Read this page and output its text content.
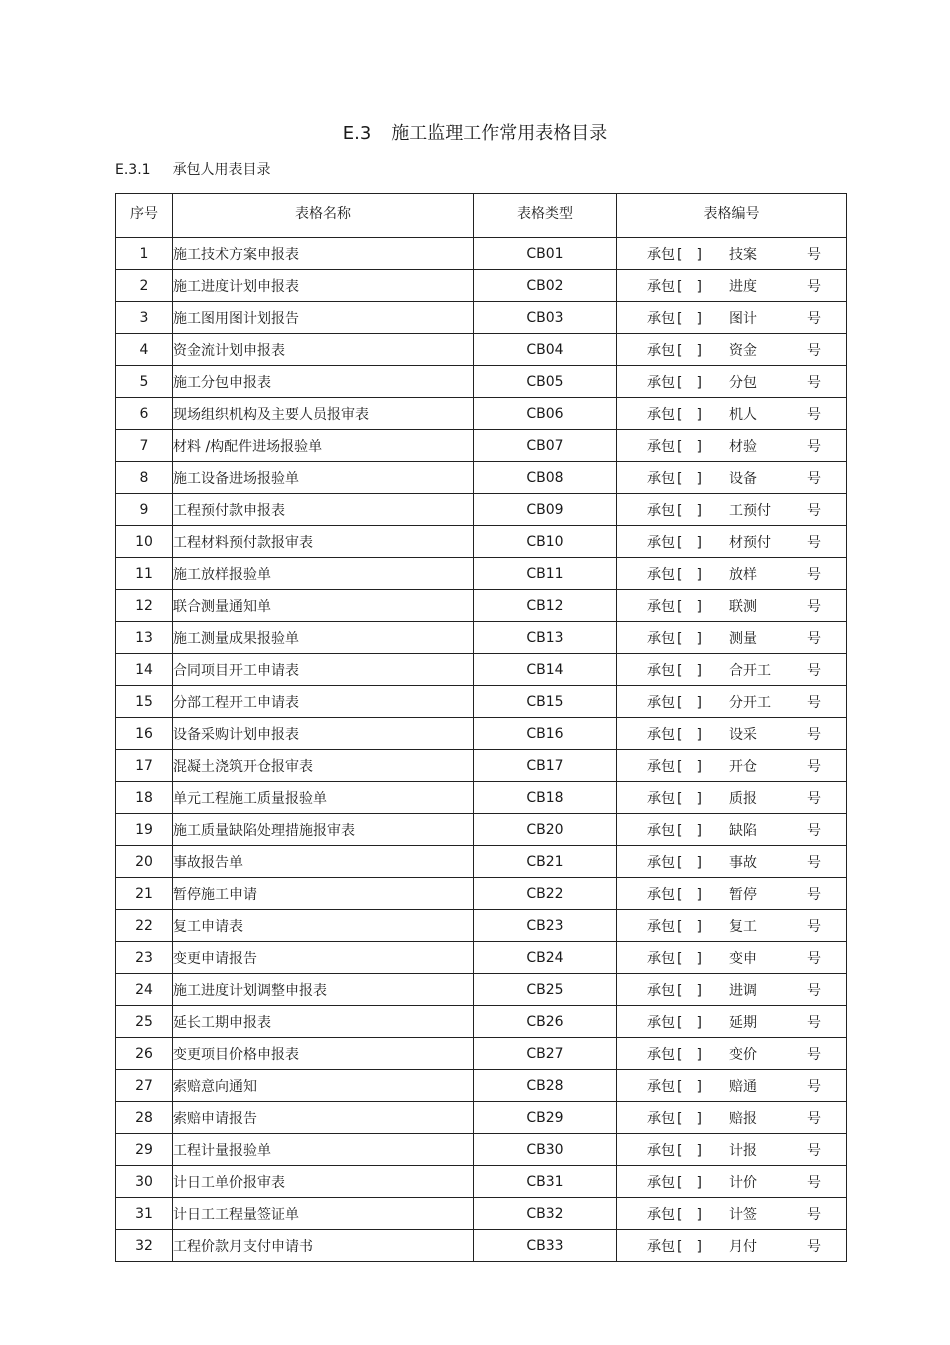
E.3 施工监理工作常用表格目录
E.3.1 承包人用表目录
序号	表格名称	表格类型	表格编号
1	施工技术方案申报表	CB01	承包 [ ] 技案 号

2	施工进度计划申报表	CB02	承包 [ ] 进度 号

3	施工图用图计划报告	CB03	承包 [ ] 图计 号

4	资金流计划申报表	CB04	承包 [ ] 资金 号

5	施工分包申报表	CB05	承包 [ ] 分包 号

6	现场组织机构及主要人员报审表	CB06	承包 [ ] 机人 号

7	材料 /构配件进场报验单	CB07	承包 [ ] 材验 号

8	施工设备进场报验单	CB08	承包 [ ] 设备 号

9	工程预付款申报表	CB09	承包 [ ] 工预付 号

10	工程材料预付款报审表	CB10	承包 [ ] 材预付 号

11	施工放样报验单	CB11	承包 [ ] 放样 号

12	联合测量通知单	CB12	承包 [ ] 联测 号

13	施工测量成果报验单	CB13	承包 [ ] 测量 号

14	合同项目开工申请表	CB14	承包 [ ] 合开工 号

15	分部工程开工申请表	CB15	承包 [ ] 分开工 号

16	设备采购计划申报表	CB16	承包 [ ] 设采 号

17	混凝土浇筑开仓报审表	CB17	承包 [ ] 开仓 号

18	单元工程施工质量报验单	CB18	承包 [ ] 质报 号

19	施工质量缺陷处理措施报审表	CB20	承包 [ ] 缺陷 号

20	事故报告单	CB21	承包 [ ] 事故 号

21	暂停施工申请	CB22	承包 [ ] 暂停 号

22	复工申请表	CB23	承包 [ ] 复工 号

23	变更申请报告	CB24	承包 [ ] 变申 号

24	施工进度计划调整申报表	CB25	承包 [ ] 进调 号

25	延长工期申报表	CB26	承包 [ ] 延期 号

26	变更项目价格申报表	CB27	承包 [ ] 变价 号

27	索赔意向通知	CB28	承包 [ ] 赔通 号

28	索赔申请报告	CB29	承包 [ ] 赔报 号

29	工程计量报验单	CB30	承包 [ ] 计报 号

30	计日工单价报审表	CB31	承包 [ ] 计价 号

31	计日工工程量签证单	CB32	承包 [ ] 计签 号

32	工程价款月支付申请书	CB33	承包 [ ] 月付 号
